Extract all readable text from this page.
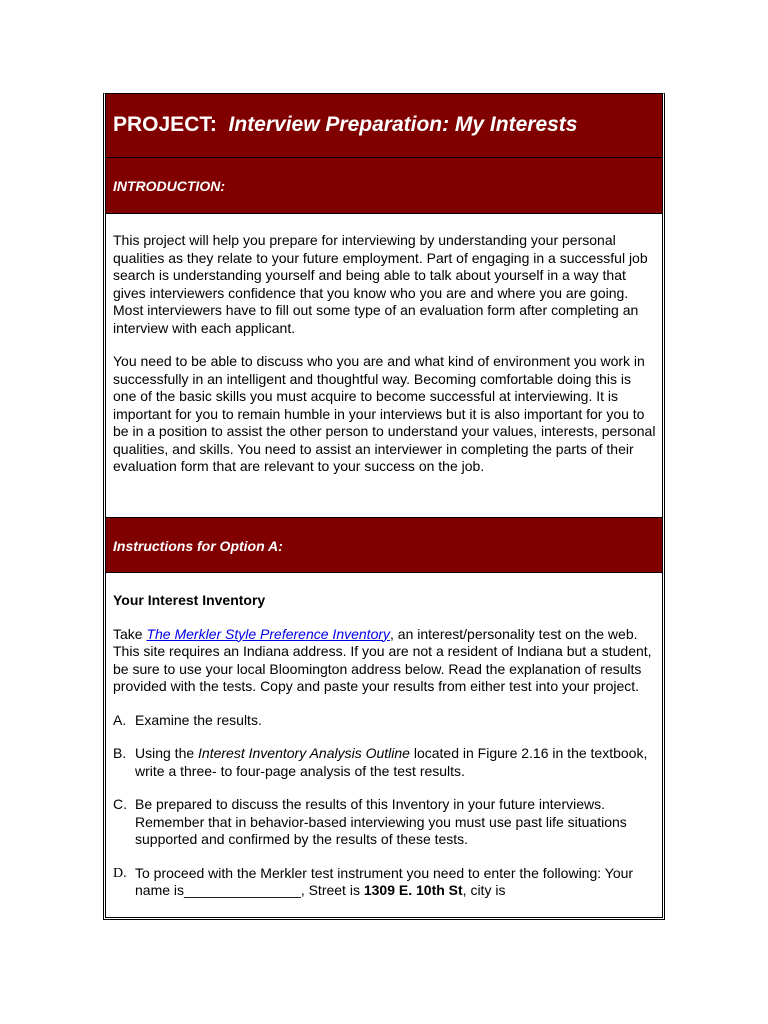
PROJECT: Interview Preparation: My Interests
INTRODUCTION:

This project will help you prepare for interviewing by understanding your personal qualities as they relate to your future employment. Part of engaging in a successful job search is understanding yourself and being able to talk about yourself in a way that gives interviewers confidence that you know who you are and where you are going. Most interviewers have to fill out some type of an evaluation form after completing an interview with each applicant.

You need to be able to discuss who you are and what kind of environment you work in successfully in an intelligent and thoughtful way. Becoming comfortable doing this is one of the basic skills you must acquire to become successful at interviewing. It is important for you to remain humble in your interviews but it is also important for you to be in a position to assist the other person to understand your values, interests, personal qualities, and skills. You need to assist an interviewer in completing the parts of their evaluation form that are relevant to your success on the job.

Instructions for Option A:

Your Interest Inventory

Take The Merkler Style Preference Inventory, an interest/personality test on the web. This site requires an Indiana address. If you are not a resident of Indiana but a student, be sure to use your local Bloomington address below. Read the explanation of results provided with the tests. Copy and paste your results from either test into your project.

A. Examine the results.
B. Using the Interest Inventory Analysis Outline located in Figure 2.16 in the textbook, write a three- to four-page analysis of the test results.
C. Be prepared to discuss the results of this Inventory in your future interviews. Remember that in behavior-based interviewing you must use past life situations supported and confirmed by the results of these tests.
D. To proceed with the Merkler test instrument you need to enter the following: Your name is_______________, Street is 1309 E. 10th St, city is
